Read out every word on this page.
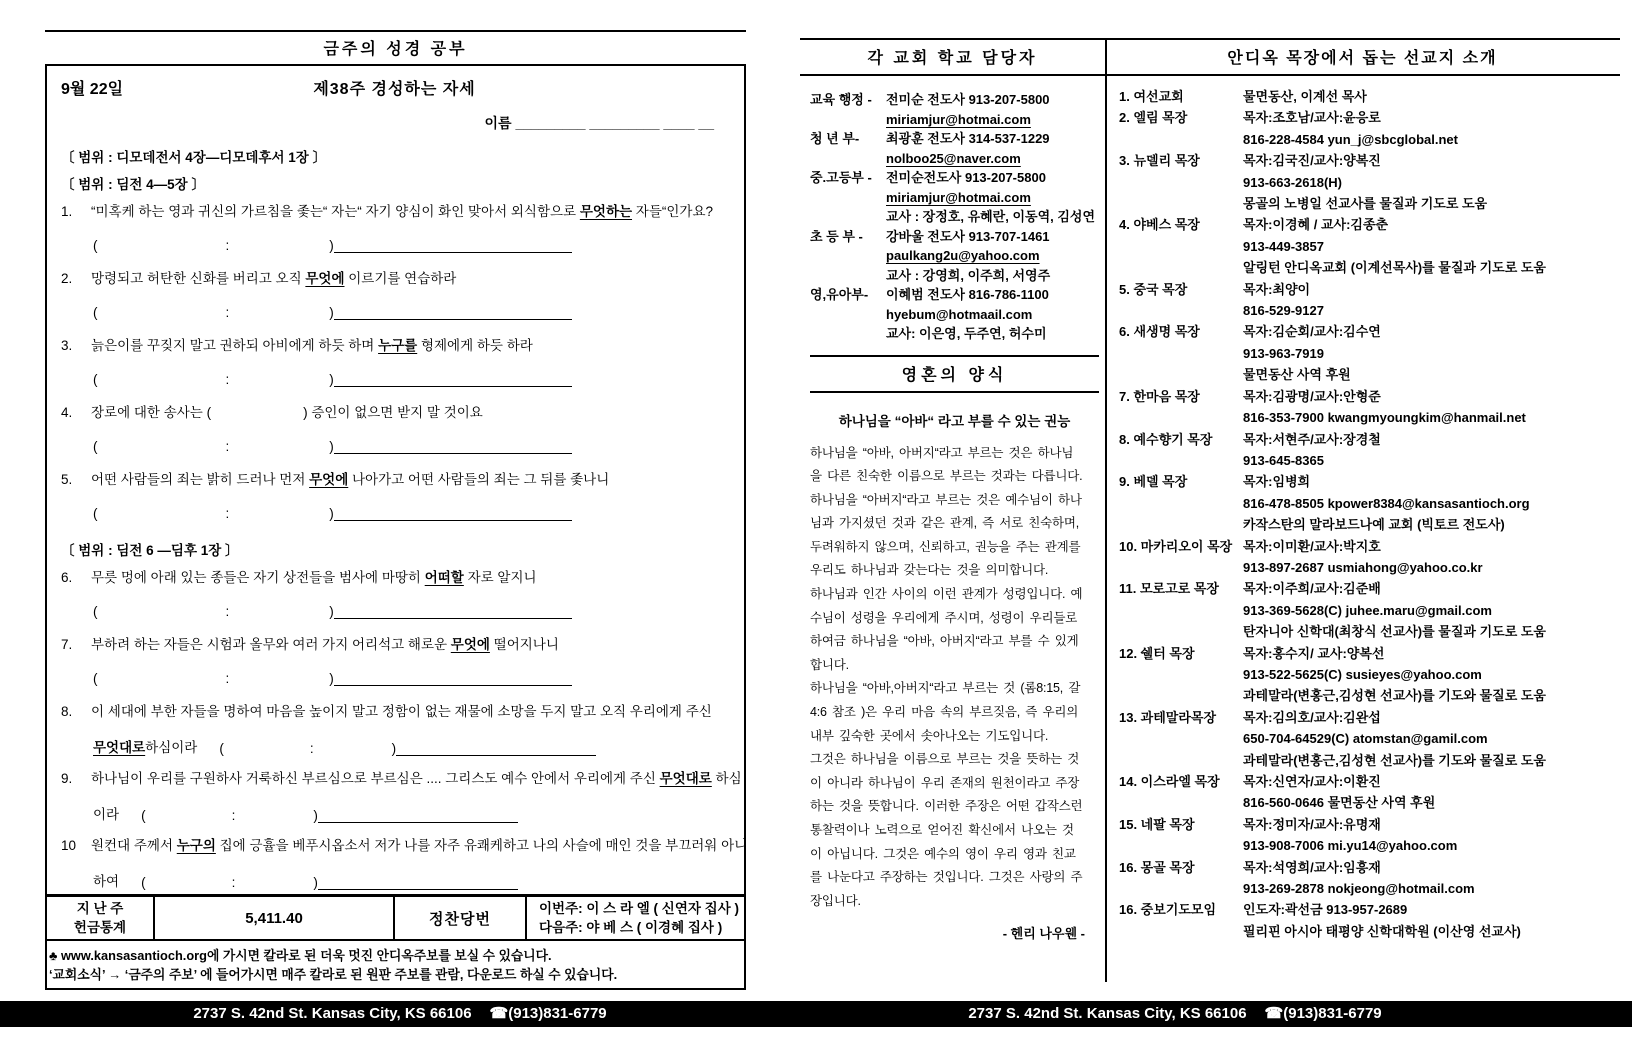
금주의 성경 공부
9월 22일	제38주 경성하는 자세
이름 _________ _________ ____ __
〔 범위 : 디모데전서 4장—디모데후서 1장 〕
〔 범위 : 딤전 4—5장 〕
1.	“미혹케 하는 영과 귀신의 가르침을 좇는“ 자는“ 자기 양심이 화인 맞아서 외식함으로 무엇하는 자들“인가요?
(	:	)
2.	망령되고 허탄한 신화를 버리고 오직 무엇에 이르기를 연습하라
(	:	)
3.	늙은이를 꾸짖지 말고 권하되 아비에게 하듯 하며 누구를 형제에게 하듯 하라
(	:	)
4.	장로에 대한 송사는 (	) 증인이 없으면 받지 말 것이요
(	:	)
5.	어떤 사람들의 죄는 밝히 드러나 먼저 무엇에 나아가고 어떤 사람들의 죄는 그 뒤를 좇나니
(	:	)
〔 범위 : 딤전 6 —딤후 1장 〕
6.	무릇 멍에 아래 있는 종들은 자기 상전들을 범사에 마땅히 어떠할 자로 알지니
(	:	)
7.	부하려 하는 자들은 시험과 올무와 여러 가지 어리석고 해로운 무엇에 떨어지나니
(	:	)
8.	이 세대에 부한 자들을 명하여 마음을 높이지 말고 정함이 없는 재물에 소망을 두지 말고 오직 우리에게 주신
무엇대로하심이라 (	:	)
9.	하나님이 우리를 구원하사 거룩하신 부르심으로 부르심은 .... 그리스도 예수 안에서 우리에게 주신 무엇대로 하심
이라 (	:	)
10	원컨대 주께서 누구의 집에 긍휼을 베푸시옵소서 저가 나를 자주 유쾌케하고 나의 사슬에 매인 것을 부끄러워 아니
하여 (	:	)
지 난 주
헌금통계
5,411.40	정찬당번
이번주: 이 스 라 엘 ( 신연자 집사 )
다음주: 야 베 스 ( 이경혜 집사 )
♣ www.kansasantioch.org에 가시면 칼라로 된 더욱 멋진 안디옥주보를 보실 수 있습니다.
‘교회소식’ → ‘금주의 주보’ 에 들어가시면 매주 칼라로 된 원판 주보를 관람, 다운로드 하실 수 있습니다.
각 교회 학교 담당자	안디옥 목장에서 돕는 선교지 소개
교육 행정 -	전미순 전도사 913-207-5800
miriamjur@hotmai.com
청 년 부-	최광훈 전도사 314-537-1229
nolboo25@naver.com
중.고등부 -	전미순전도사 913-207-5800
miriamjur@hotmai.com
교사 : 장정호, 유혜란, 이동역, 김성연
초 등 부 -	강바울 전도사 913-707-1461
paulkang2u@yahoo.com
교사 : 강영희, 이주희, 서영주
영,유아부-	이혜범 전도사 816-786-1100
hyebum@hotmaail.com
교사: 이은영, 두주연, 허수미
영혼의 양식
하나님을 “아바“ 라고 부를 수 있는 권능
하나님을 “아바, 아버지“라고 부르는 것은 하나님
을 다른 친숙한 이름으로 부르는 것과는 다릅니다.
하나님을 “아버지“라고 부르는 것은 예수님이 하나
님과 가지셨던 것과 같은 관계, 즉 서로 친숙하며,
두려워하지 않으며, 신뢰하고, 권능을 주는 관계를
우리도 하나님과 갖는다는 것을 의미합니다.
하나님과 인간 사이의 이런 관계가 성령입니다. 예
수님이 성령을 우리에게 주시며, 성령이 우리들로
하여금 하나님을 “아바, 아버지“라고 부를 수 있게
합니다.
하나님을 “아바,아버지“라고 부르는 것 (롬8:15, 갈
4:6 참조 )은 우리 마음 속의 부르짖음, 즉 우리의
내부 깊숙한 곳에서 솟아나오는 기도입니다.
그것은 하나님을 이름으로 부르는 것을 뜻하는 것
이 아니라 하나님이 우리 존재의 원천이라고 주장
하는 것을 뜻합니다. 이러한 주장은 어떤 갑작스런
통찰력이나 노력으로 얻어진 확신에서 나오는 것
이 아닙니다. 그것은 예수의 영이 우리 영과 친교
를 나눈다고 주장하는 것입니다. 그것은 사랑의 주
장입니다.
- 헨리 나우웬 -
1. 여선교회	물면동산, 이계선 목사
2. 엘림 목장	목자:조호남/교사:윤응로
816-228-4584 yun_j@sbcglobal.net
3. 뉴델리 목장	목자:김국진/교사:양복진
913-663-2618(H)
몽골의 노병일 선교사를 물질과 기도로 도움
4. 야베스 목장	목자:이경혜 / 교사:김종춘
913-449-3857
알링턴 안디옥교회 (이계선목사)를 물질과 기도로 도움
5. 중국 목장	목자:최양이
816-529-9127
6. 새생명 목장	목자:김순회/교사:김수연
913-963-7919
물면동산 사역 후원
7. 한마음 목장	목자:김광명/교사:안형준
816-353-7900 kwangmyoungkim@hanmail.net
8. 예수향기 목장	목자:서현주/교사:장경철
913-645-8365
9. 베델 목장	목자:임병희
816-478-8505 kpower8384@kansasantioch.org
카작스탄의 말라보드나예 교회 (빅토르 전도사)
10. 마카리오이 목장 목자:이미환/교사:박지호
913-897-2687 usmiahong@yahoo.co.kr
11. 모로고로 목장	목자:이주희/교사:김준배
913-369-5628(C) juhee.maru@gmail.com
탄자니아 신학대(최창식 선교사)를 물질과 기도로 도움
12. 쉘터 목장	목자:홍수지/ 교사:양복선
913-522-5625(C) susieyes@yahoo.com
과테말라(변홍근,김성현 선교사)를 기도와 물질로 도움
13. 과테말라목장	목자:김의호/교사:김완섭
650-704-64529(C) atomstan@gamil.com
과테말라(변홍근,김성현 선교사)를 기도와 물질로 도움
14. 이스라엘 목장	목자:신연자/교사:이환진
816-560-0646 물면동산 사역 후원
15. 네팔 목장	목자:정미자/교사:유명재
913-908-7006 mi.yu14@yahoo.com
16. 몽골 목장	목자:석영희/교사:임흥재
913-269-2878 nokjeong@hotmail.com
16. 중보기도모임	인도자:곽선금 913-957-2689
필리핀 아시아 태평양 신학대학원 (이산영 선교사)
2737 S. 42nd St. Kansas City, KS 66106 ☎(913)831-6779	2737 S. 42nd St. Kansas City, KS 66106 ☎(913)831-6779
